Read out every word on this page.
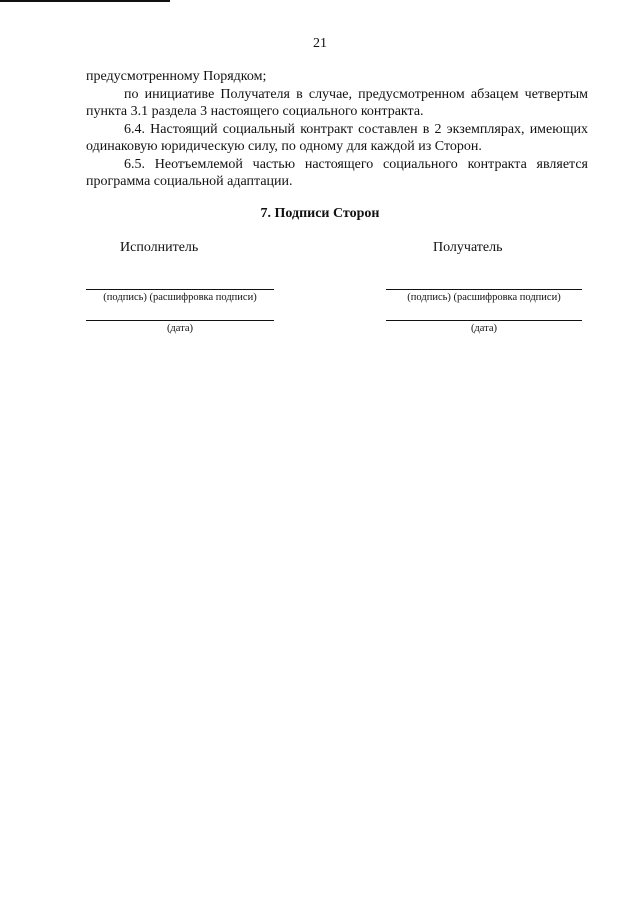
21

предусмотренному Порядком;

по инициативе Получателя в случае, предусмотренном абзацем четвертым пункта 3.1 раздела 3 настоящего социального контракта.

6.4. Настоящий социальный контракт составлен в 2 экземплярах, имеющих одинаковую юридическую силу, по одному для каждой из Сторон.

6.5. Неотъемлемой частью настоящего социального контракта является программа социальной адаптации.

7. Подписи Сторон
Исполнитель	Получатель
(подпись) (расшифровка подписи)
(дата)
(подпись) (расшифровка подписи)
(дата)
